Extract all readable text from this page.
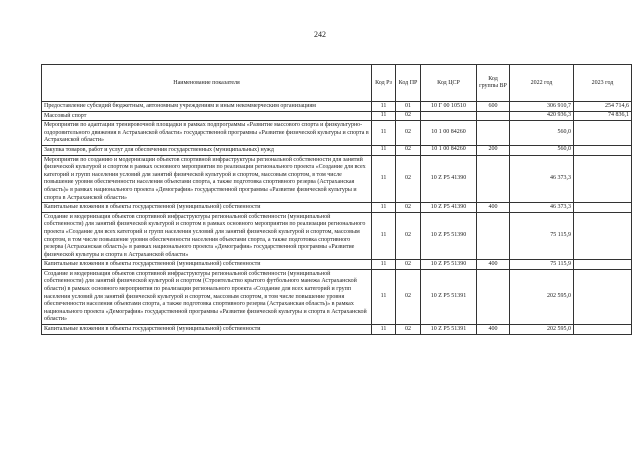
242
Наименование показателя	Код Рз	Код ПР	Код ЦСР	Код группы ВР	2022 год	2023 год
Предоставление субсидий бюджетным, автономным учреждениям и иным некоммерческим организациям	11	01	10 Г 00 10510	600	306 910,7	254 714,6
Массовый спорт	11	02			420 936,3	74 836,1
Мероприятия по адаптации тренировочной площадки в рамках подпрограммы «Развитие массового спорта и физкультурно-оздоровительного движения в Астраханской области» государственной программы «Развитие физической культуры и спорта в Астраханской области»	11	02	10 1 00 84260		560,0	
Закупка товаров, работ и услуг для обеспечения государственных (муниципальных) нужд	11	02	10 1 00 84260	200	560,0	
Мероприятия по созданию и модернизации объектов спортивной инфраструктуры региональной собственности для занятий физической культурой и спортом в рамках основного мероприятия по реализации регионального проекта «Создание для всех категорий и групп населения условий для занятий физической культурой и спортом, массовым спортом, в том числе повышение уровня обеспеченности населения объектами спорта, а также подготовка спортивного резерва (Астраханская область)» в рамках национального проекта «Демография» государственной программы «Развитие физической культуры и спорта в Астраханской области»	11	02	10 Z P5 41390		46 373,3	
Капитальные вложения в объекты государственной (муниципальной) собственности	11	02	10 Z P5 41390	400	46 373,3	
Создание и модернизация объектов спортивной инфраструктуры региональной собственности (муниципальной собственности) для занятий физической культурой и спортом в рамках основного мероприятия по реализации регионального проекта «Создание для всех категорий и групп населения условий для занятий физической культурой и спортом, массовым спортом, в том числе повышение уровня обеспеченности населения объектами спорта, а также подготовка спортивного резерва (Астраханская область)» в рамках национального проекта «Демография» государственной программы «Развитие физической культуры и спорта в Астраханской области»	11	02	10 Z P5 51390		75 115,9	
Капитальные вложения в объекты государственной (муниципальной) собственности	11	02	10 Z P5 51390	400	75 115,9	
Создание и модернизация объектов спортивной инфраструктуры региональной собственности (муниципальной собственности) для занятий физической культурой и спортом (Строительство крытого футбольного манежа Астраханской области) в рамках основного мероприятия по реализации регионального проекта «Создание для всех категорий и групп населения условий для занятий физической культурой и спортом, массовым спортом, в том числе повышение уровня обеспеченности населения объектами спорта, а также подготовка спортивного резерва (Астраханская область)» в рамках национального проекта «Демография» государственной программы «Развитие физической культуры и спорта в Астраханской области»	11	02	10 Z P5 51391		202 595,0	
Капитальные вложения в объекты государственной (муниципальной) собственности	11	02	10 Z P5 51391	400	202 595,0	
